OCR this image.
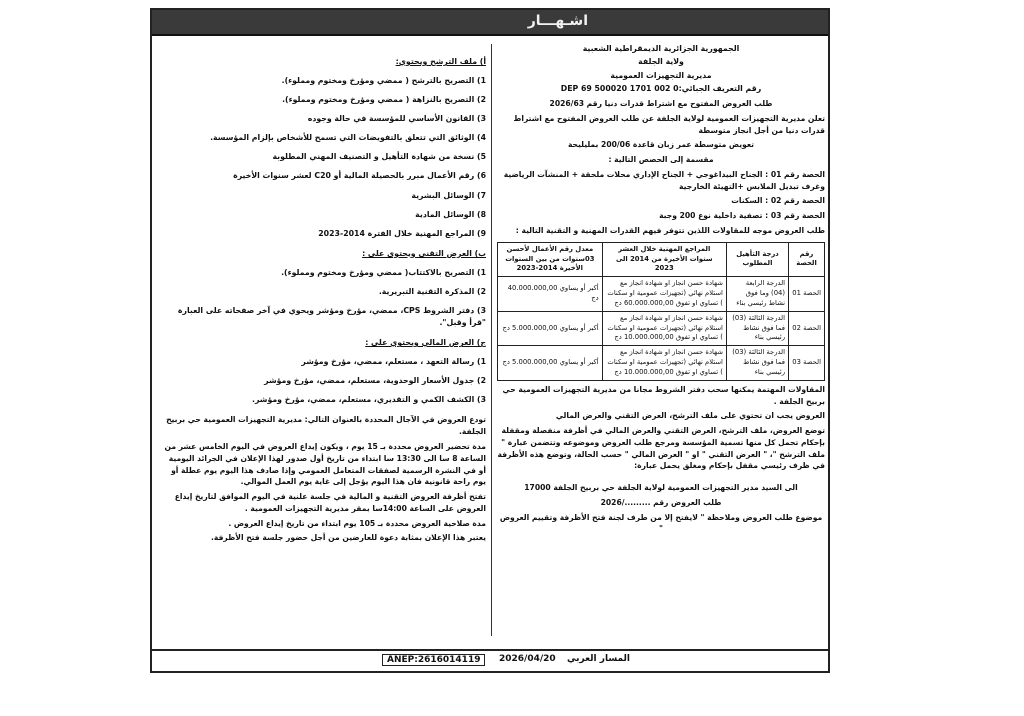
اشـهـــار
الجمهورية الجزائرية الديمقراطية الشعبية
ولاية الجلفة
مديرية التجهيزات العمومية
رقم التعريف الجبائي:DEP 69 500020 1701 002 0
طلب العروض المفتوح مع اشتراط قدرات دنيا رقم 2026/63
تعلن مديرية التجهيزات العمومية لولاية الجلفة عن طلب العروض المفتوح مع اشتراط قدرات دنيا من أجل انجاز متوسطة
تعويض متوسطة عمر زبان قاعدة 200/06 بمليليحة
مقسمة إلى الحصص التالية :
الحصة رقم 01 : الجناح البيداغوجي + الجناح الإداري محلات ملحقة + المنشآت الرياضية وغرف تبديل الملابس +التهيئة الخارجية
الحصة رقم 02 : السكنات
الحصة رقم 03 : تصفية داخلية نوع 200 وجبة
طلب العروض موجه للمقاولات اللذين تتوفر فيهم القدرات المهنية و التقنية التالية :
رقم الحصة	درجة التأهيل المطلوب	المراجع المهنية خلال العشر سنوات الأخيرة من 2014 الى 2023	معدل رقم الأعمال لأحسن 03سنوات من بين السنوات الأخيرة 2014-2023
الحصة 01	الدرجة الرابعة (04) وما فوق نشاط رئيسي بناء	شهادة حسن انجاز او شهادة انجاز مع استلام نهائي (تجهيزات عمومية او سكنات ) تساوي او تفوق 60.000.000,00 دج	أكبر أو يساوي 40.000.000,00 دج
الحصة 02	الدرجة الثالثة (03) فما فوق نشاط رئيسي بناء	شهادة حسن انجاز او شهادة انجاز مع استلام نهائي (تجهيزات عمومية او سكنات ) تساوي او تفوق 10.000.000,00 دج	أكبر أو يساوي 5.000.000,00 دج
الحصة 03	الدرجة الثالثة (03) فما فوق نشاط رئيسي بناء	شهادة حسن انجاز او شهادة انجاز مع استلام نهائي (تجهيزات عمومية او سكنات ) تساوي او تفوق 10.000.000,00 دج	أكبر أو يساوي 5.000.000,00 دج
المقاولات المهتمة يمكنها سحب دفتر الشروط مجانا من مديرية التجهيزات العمومية حي بربيح الجلفة .
العروض يجب ان تحتوي على ملف الترشح، العرض التقني والعرض المالي
توضع العروض، ملف الترشح، العرض التقني والعرض المالي في أظرفة منفصلة ومقفلة بإحكام تحمل كل منها تسمية المؤسسة ومرجع طلب العروض وموضوعه وتتضمن عبارة " ملف الترشح "، " العرض التقني " او " العرض المالي " حسب الحالة، وتوضع هذه الأظرفة في ظرف رئيسي مقفل بإحكام ومغلق يحمل عبارة:
الى السيد مدير التجهيزات العمومية لولاية الجلفة حي بربيح الجلفة 17000
طلب العروض رقم ........./2026
موضوع طلب العروض وملاحظة " لايفتح إلا من طرف لجنة فتح الأظرفة وتقييم العروض "
أ) ملف الترشح ويحتوي:
1) التصريح بالترشح ( ممضي ومؤرخ ومختوم ومملوء).
2) التصريح بالنزاهة ( ممضي ومؤرخ ومختوم ومملوء).
3) القانون الأساسي للمؤسسة في حالة وجوده
4) الوثائق التي تتعلق بالتفويضات التي تسمح للأشخاص بإلزام المؤسسة.
5) نسخة من شهادة التأهيل و التصنيف المهني المطلوبة
6) رقم الأعمال مبرر بالحصيلة المالية أو C20 لعشر سنوات الأخيرة
7) الوسائل البشرية
8) الوسائل المادية
9) المراجع المهنية خلال الفترة 2014-2023
ب) العرض التقني ويحتوي على :
1) التصريح بالاكتتاب( ممضي ومؤرخ ومختوم ومملوء).
2) المذكرة التقنية التبريرية.
3) دفتر الشروط CPS، ممضي، مؤرخ ومؤشر ويحوي في آخر صفحاته على العبارة "قرأ وقبل".
ج) العرض المالي ويحتوي على :
1) رسالة التعهد ، مستعلم، ممضي، مؤرخ ومؤشر
2) جدول الأسعار الوحدوية، مستعلم، ممضي، مؤرخ ومؤشر
3) الكشف الكمي و التقديري، مستعلم، ممضي، مؤرخ ومؤشر.
تودع العروض في الآجال المحددة بالعنوان التالي: مديرية التجهيزات العمومية حي بربيح الجلفة.
مدة تحضير العروض محددة بـ 15 يوم ، ويكون إيداع العروض في اليوم الخامس عشر من الساعة 8 سا الى 13:30 سا ابتداء من تاريخ أول صدور لهذا الإعلان في الجرائد اليومية أو في النشرة الرسمية لصفقات المتعامل العمومي وإذا صادف هذا اليوم يوم عطلة أو يوم راحة قانونية فان هذا اليوم يؤجل إلى غاية يوم العمل الموالي.
تفتح أظرفة العروض التقنية و المالية في جلسة علنية في اليوم الموافق لتاريخ إيداع العروض على الساعة 14:00سا بمقر مديرية التجهيزات العمومية .
مدة صلاحية العروض محددة بـ 105 يوم ابتداء من تاريخ إيداع العروض .
يعتبر هذا الإعلان بمثابة دعوة للعارضين من أجل حضور جلسة فتح الأظرفة.
ANEP:2616014119	2026/04/20 المسار العربي
